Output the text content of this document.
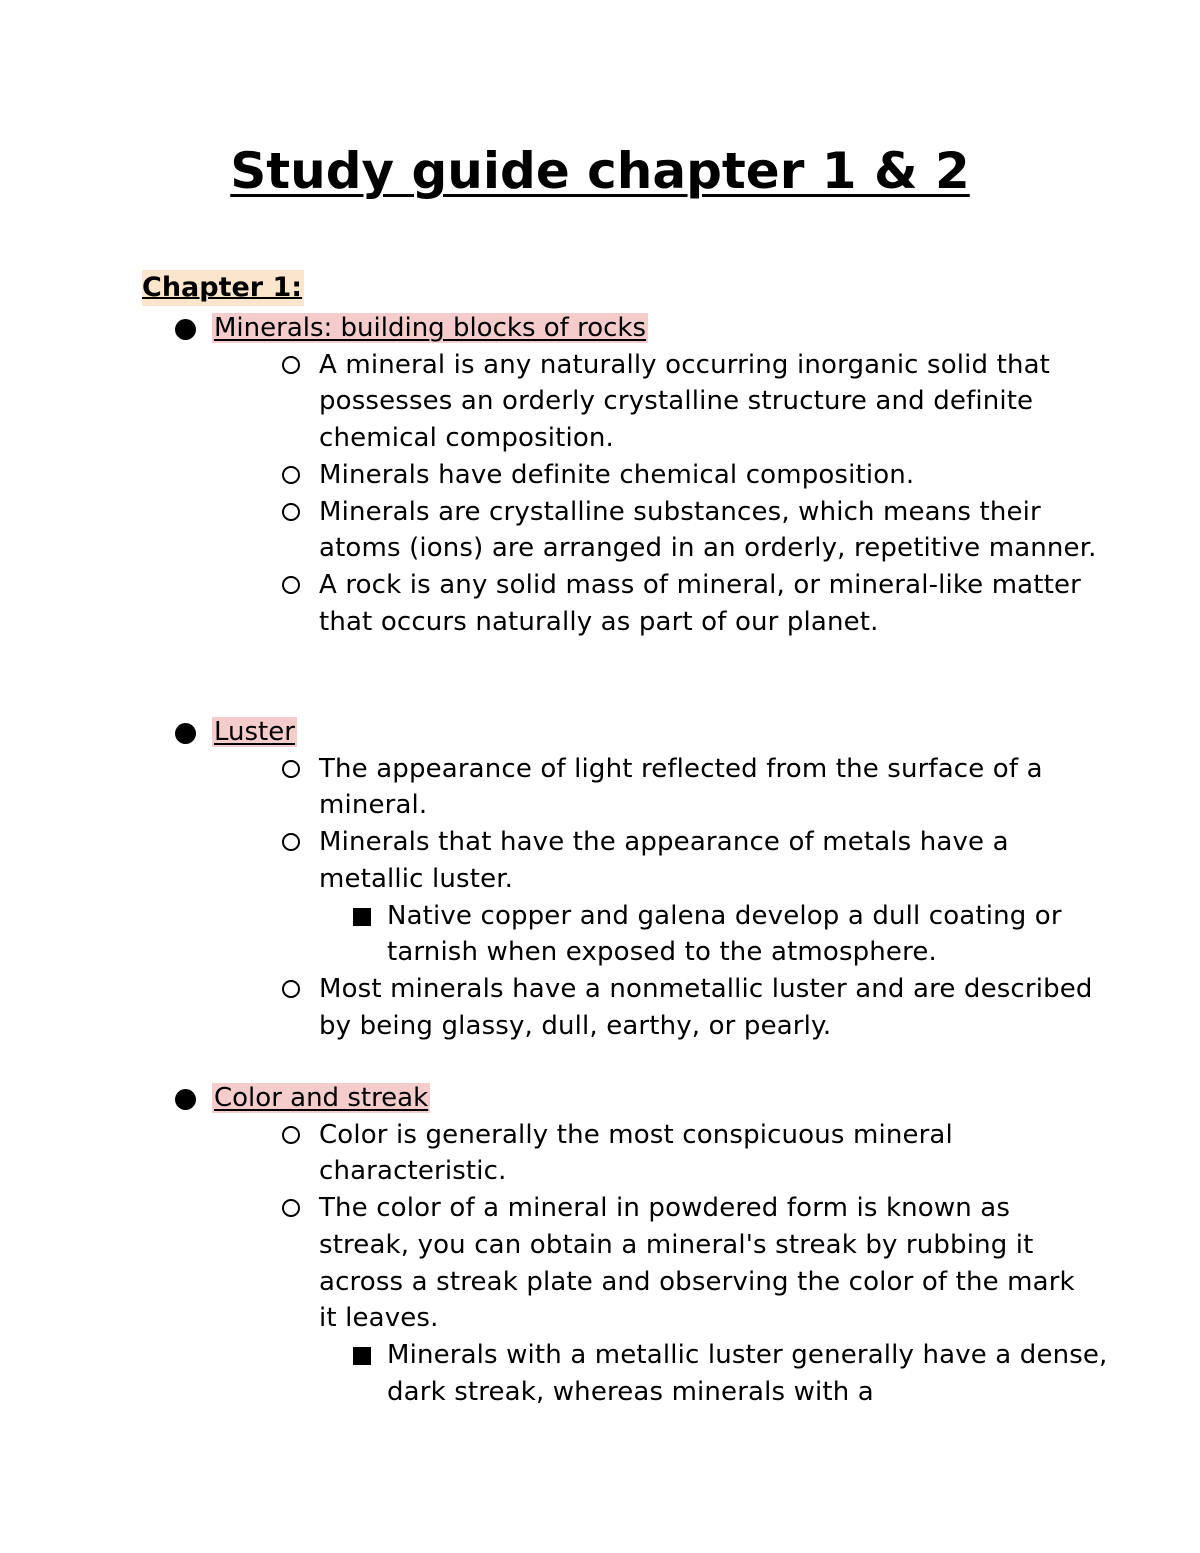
Study guide chapter 1 & 2
Chapter 1:
Minerals: building blocks of rocks
A mineral is any naturally occurring inorganic solid that possesses an orderly crystalline structure and definite chemical composition.
Minerals have definite chemical composition.
Minerals are crystalline substances, which means their atoms (ions) are arranged in an orderly, repetitive manner.
A rock is any solid mass of mineral, or mineral-like matter that occurs naturally as part of our planet.
Luster
The appearance of light reflected from the surface of a mineral.
Minerals that have the appearance of metals have a metallic luster.
Native copper and galena develop a dull coating or tarnish when exposed to the atmosphere.
Most minerals have a nonmetallic luster and are described by being glassy, dull, earthy, or pearly.
Color and streak
Color is generally the most conspicuous mineral characteristic.
The color of a mineral in powdered form is known as streak, you can obtain a mineral's streak by rubbing it across a streak plate and observing the color of the mark it leaves.
Minerals with a metallic luster generally have a dense, dark streak, whereas minerals with a
